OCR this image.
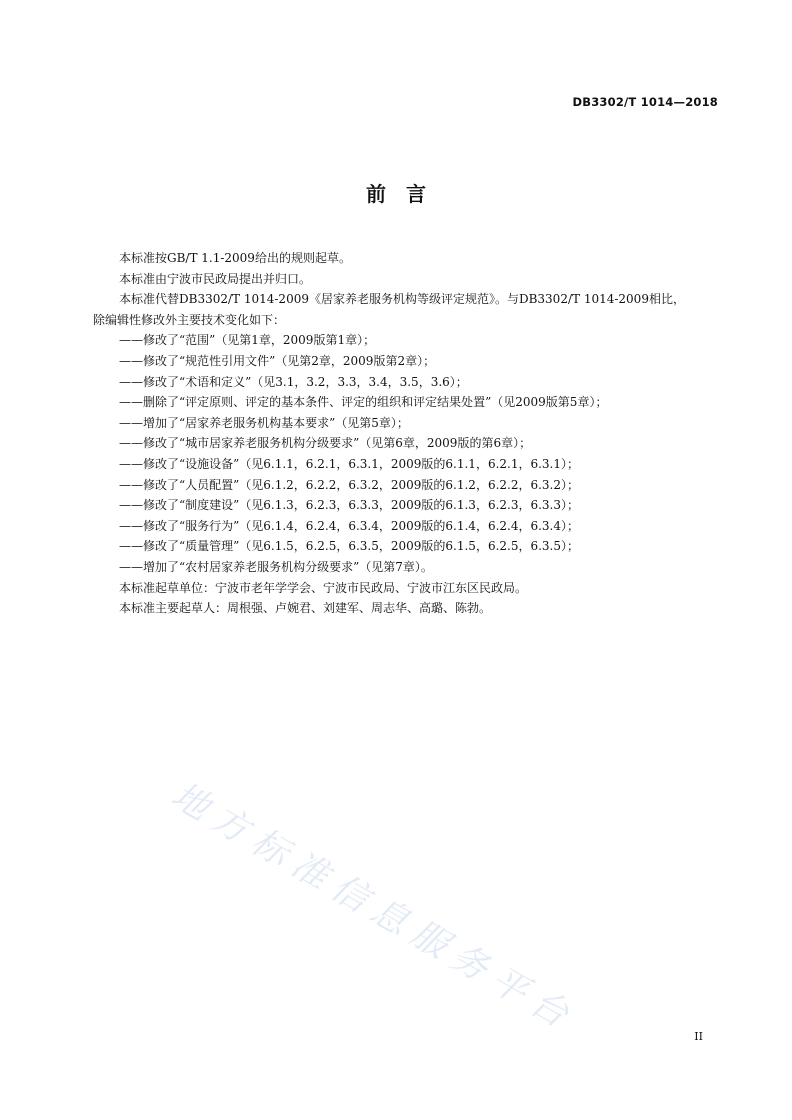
DB3302/T 1014—2018
前言

本标准按GB/T 1.1-2009给出的规则起草。

本标准由宁波市民政局提出并归口。

本标准代替DB3302/T 1014-2009《居家养老服务机构等级评定规范》。与DB3302/T 1014-2009相比，

除编辑性修改外主要技术变化如下：

——修改了“范围”（见第1章，2009版第1章）；

——修改了“规范性引用文件”（见第2章，2009版第2章）；

——修改了“术语和定义”（见3.1，3.2，3.3，3.4，3.5，3.6）；

——删除了“评定原则、评定的基本条件、评定的组织和评定结果处置”（见2009版第5章）；

——增加了“居家养老服务机构基本要求”（见第5章）；

——修改了“城市居家养老服务机构分级要求”（见第6章，2009版的第6章）；

——修改了“设施设备”（见6.1.1，6.2.1，6.3.1，2009版的6.1.1，6.2.1，6.3.1）；

——修改了“人员配置”（见6.1.2，6.2.2，6.3.2，2009版的6.1.2，6.2.2，6.3.2）；

——修改了“制度建设”（见6.1.3，6.2.3，6.3.3，2009版的6.1.3，6.2.3，6.3.3）；

——修改了“服务行为”（见6.1.4，6.2.4，6.3.4，2009版的6.1.4，6.2.4，6.3.4）；

——修改了“质量管理”（见6.1.5，6.2.5，6.3.5，2009版的6.1.5，6.2.5，6.3.5）；

——增加了“农村居家养老服务机构分级要求”（见第7章）。

本标准起草单位：宁波市老年学学会、宁波市民政局、宁波市江东区民政局。

本标准主要起草人：周根强、卢婉君、刘建军、周志华、高璐、陈勃。

地方标准信息服务平台	II
